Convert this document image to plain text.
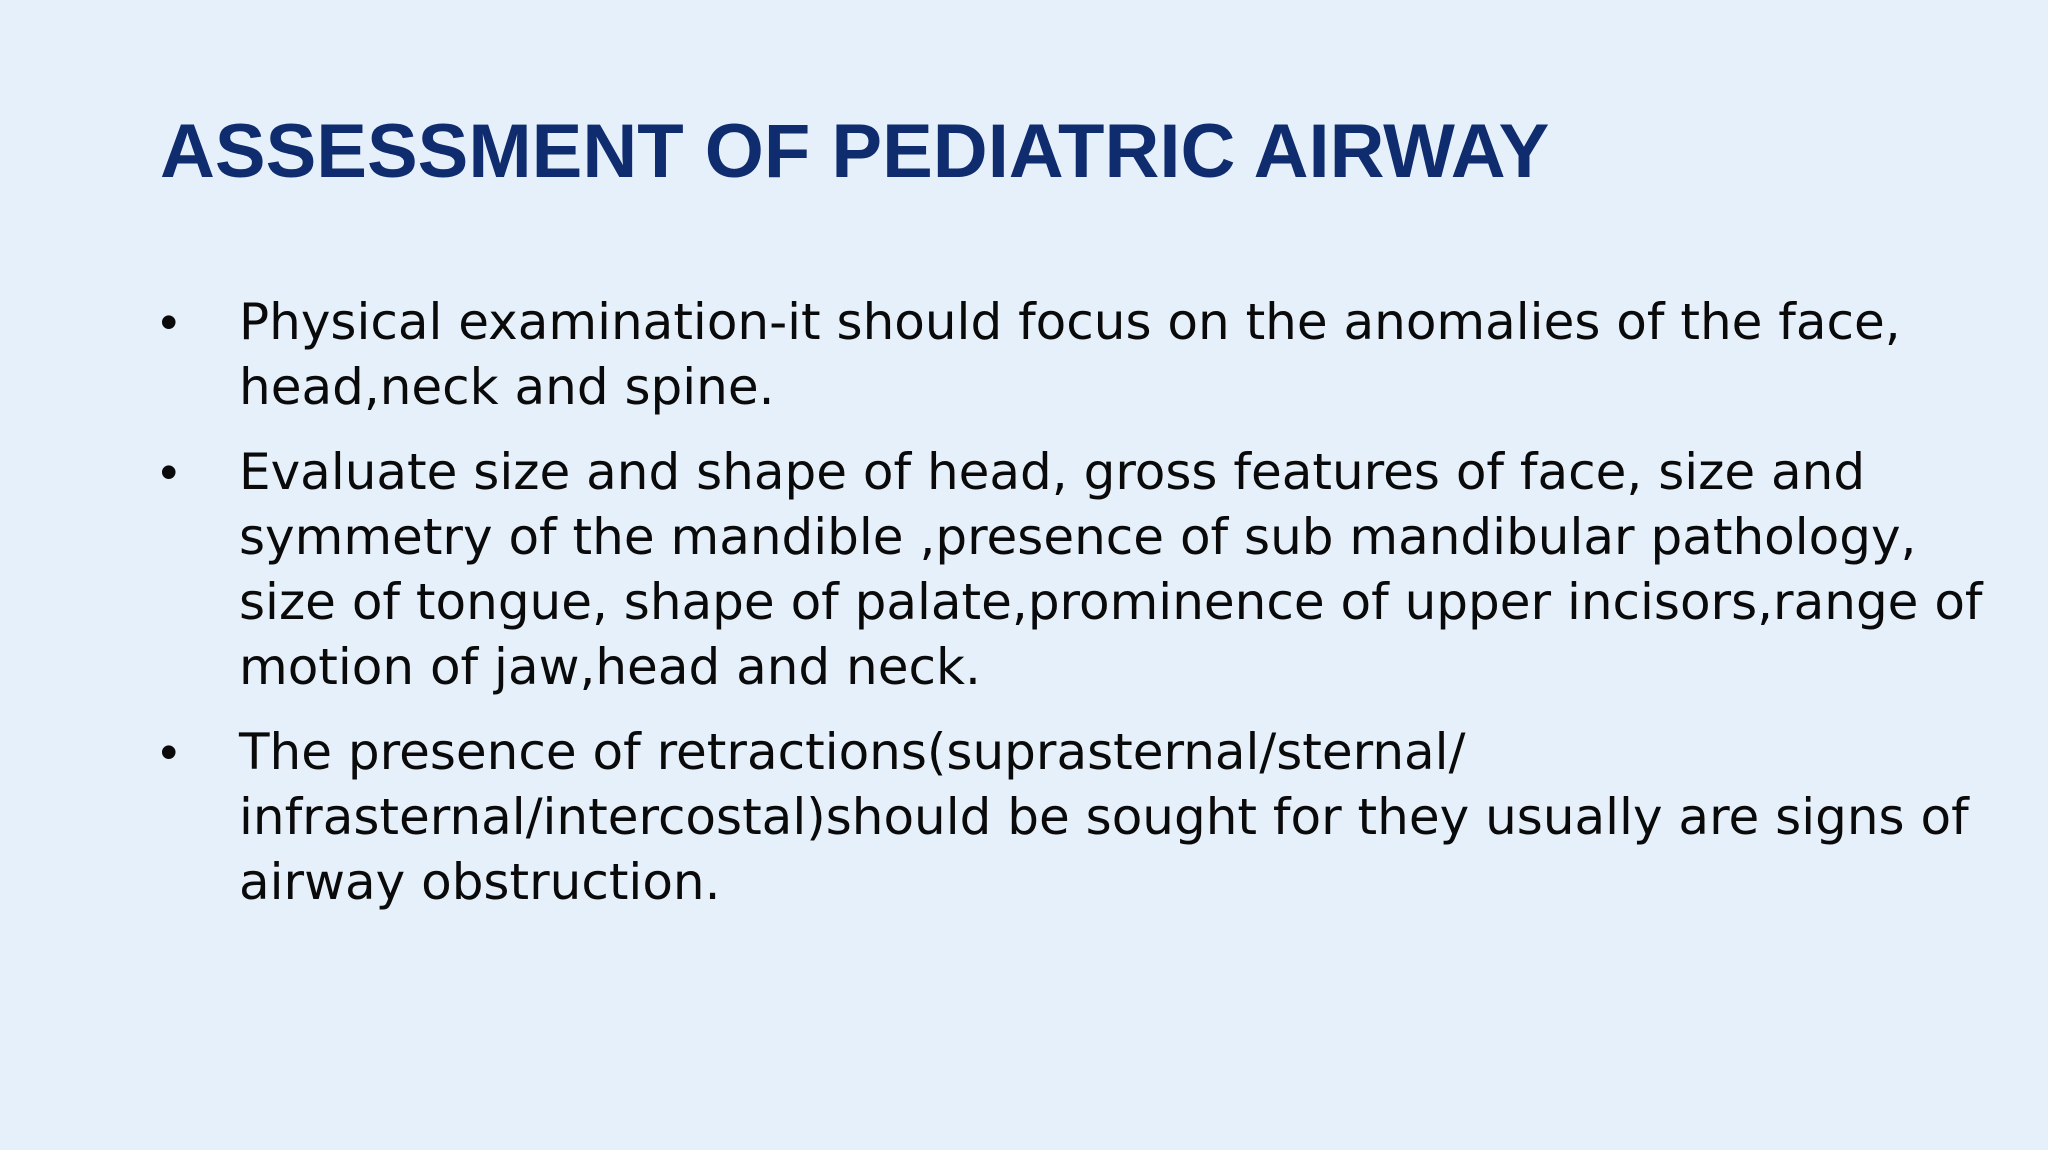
ASSESSMENT OF PEDIATRIC AIRWAY
•	Physical examination-it should focus on the anomalies of the face,
head,neck and spine.
•	Evaluate size and shape of head, gross features of face, size and
symmetry of the mandible ,presence of sub mandibular pathology,
size of tongue, shape of palate,prominence of upper incisors,range of
motion of jaw,head and neck.
•	The presence of retractions(suprasternal/sternal/
infrasternal/intercostal)should be sought for they usually are signs of
airway obstruction.
